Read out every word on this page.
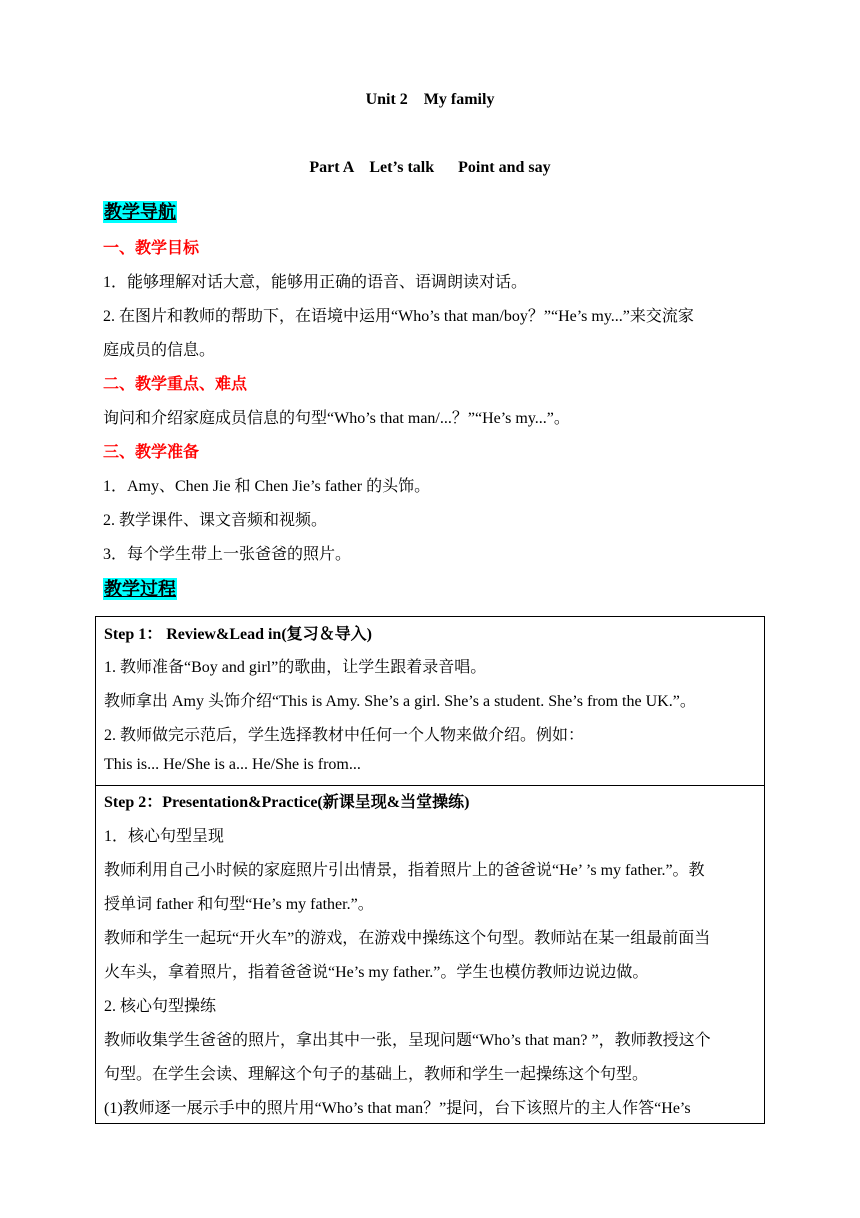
Unit 2    My family
Part A    Let’s talk      Point and say
教学导航
一、教学目标
1．能够理解对话大意，能够用正确的语音、语调朗读对话。
2. 在图片和教师的帮助下，在语境中运用“Who’s that man/boy？”“He’s my...”来交流家
庭成员的信息。
二、教学重点、难点
询问和介绍家庭成员信息的句型“Who’s that man/...？”“He’s my...”。
三、教学准备
1．Amy、Chen Jie 和 Chen Jie’s father 的头饰。
2. 教学课件、课文音频和视频。
3．每个学生带上一张爸爸的照片。
教学过程
Step 1： Review&Lead in(复习＆导入)
1. 教师准备“Boy and girl”的歌曲，让学生跟着录音唱。
教师拿出 Amy 头饰介绍“This is Amy. She’s a girl. She’s a student. She’s from the UK.”。
2. 教师做完示范后，学生选择教材中任何一个人物来做介绍。例如：
This is... He/She is a... He/She is from...
Step 2：Presentation&Practice(新课呈现&当堂操练)
1．核心句型呈现
教师利用自己小时候的家庭照片引出情景，指着照片上的爸爸说“He’ ’s my father.”。教
授单词 father 和句型“He’s my father.”。
教师和学生一起玩“开火车”的游戏，在游戏中操练这个句型。教师站在某一组最前面当
火车头，拿着照片，指着爸爸说“He’s my father.”。学生也模仿教师边说边做。
2. 核心句型操练
教师收集学生爸爸的照片，拿出其中一张，呈现问题“Who’s that man? ”，教师教授这个
句型。在学生会读、理解这个句子的基础上，教师和学生一起操练这个句型。
(1)教师逐一展示手中的照片用“Who’s that man？”提问，台下该照片的主人作答“He’s
